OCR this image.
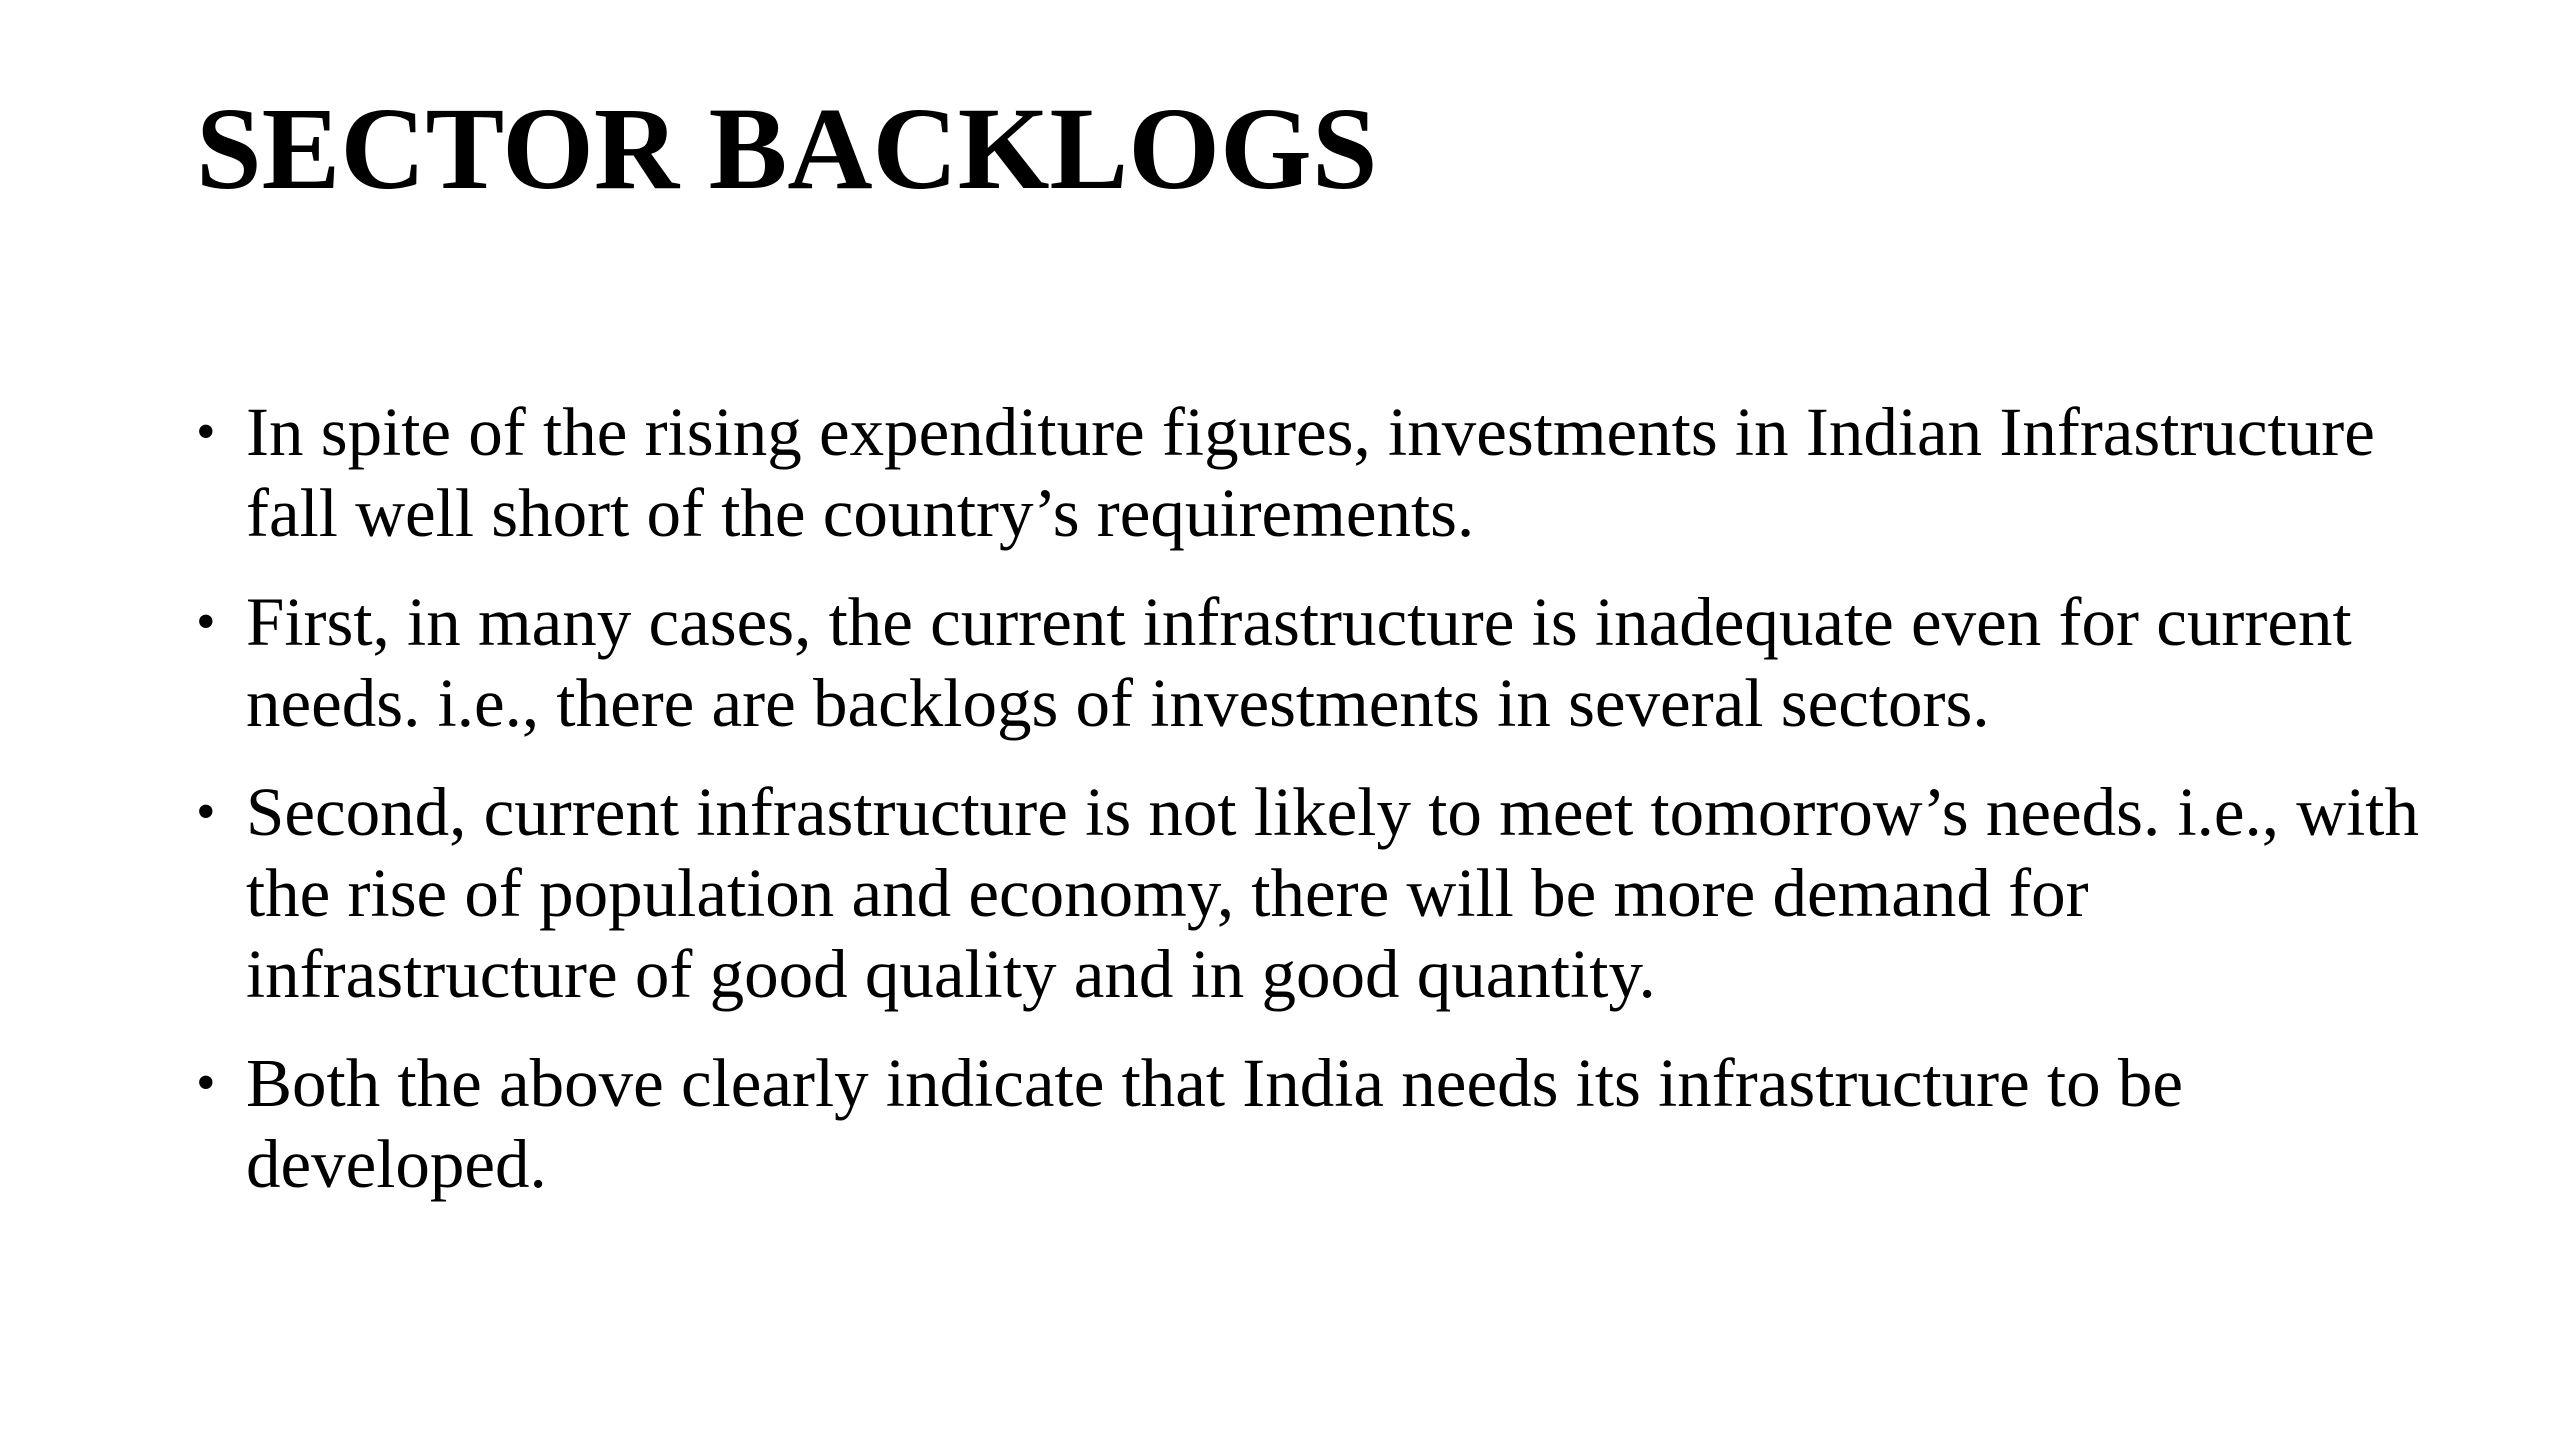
SECTOR BACKLOGS
• In spite of the rising expenditure figures, investments in Indian Infrastructure fall well short of the country’s requirements.
• First, in many cases, the current infrastructure is inadequate even for current needs. i.e., there are backlogs of investments in several sectors.
• Second, current infrastructure is not likely to meet tomorrow’s needs. i.e., with the rise of population and economy, there will be more demand for infrastructure of good quality and in good quantity.
• Both the above clearly indicate that India needs its infrastructure to be developed.
